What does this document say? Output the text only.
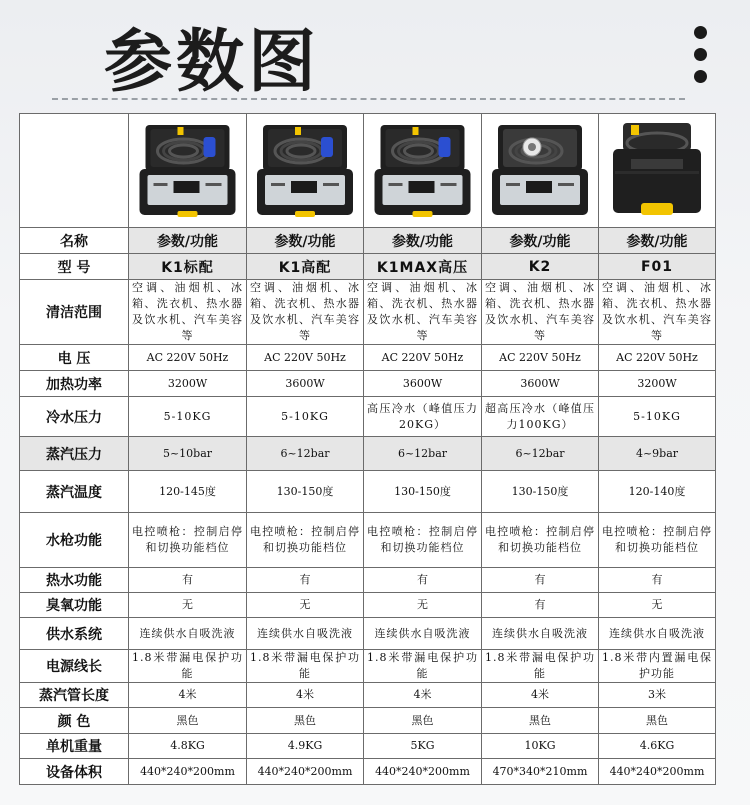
参数图

名称	参数/功能	参数/功能	参数/功能	参数/功能	参数/功能
型 号	K1标配	K1高配	K1MAX高压	K2	F01
清洁范围	空调、油烟机、冰箱、洗衣机、热水器及饮水机、汽车美容等	空调、油烟机、冰箱、洗衣机、热水器及饮水机、汽车美容等	空调、油烟机、冰箱、洗衣机、热水器及饮水机、汽车美容等	空调、油烟机、冰箱、洗衣机、热水器及饮水机、汽车美容等	空调、油烟机、冰箱、洗衣机、热水器及饮水机、汽车美容等
电 压	AC 220V 50Hz	AC 220V 50Hz	AC 220V 50Hz	AC 220V 50Hz	AC 220V 50Hz
加热功率	3200W	3600W	3600W	3600W	3200W
冷水压力	5-10KG	5-10KG	高压冷水（峰值压力20KG）	超高压冷水（峰值压力100KG）	5-10KG
蒸汽压力	5~10bar	6~12bar	6~12bar	6~12bar	4~9bar
蒸汽温度	120-145度	130-150度	130-150度	130-150度	120-140度
水枪功能	电控喷枪：控制启停和切换功能档位	电控喷枪：控制启停和切换功能档位	电控喷枪：控制启停和切换功能档位	电控喷枪：控制启停和切换功能档位	电控喷枪：控制启停和切换功能档位
热水功能	有	有	有	有	有
臭氧功能	无	无	无	有	无
供水系统	连续供水自吸洗液	连续供水自吸洗液	连续供水自吸洗液	连续供水自吸洗液	连续供水自吸洗液
电源线长	1.8米带漏电保护功能	1.8米带漏电保护功能	1.8米带漏电保护功能	1.8米带漏电保护功能	1.8米带内置漏电保护功能
蒸汽管长度	4米	4米	4米	4米	3米
颜 色	黑色	黑色	黑色	黑色	黑色
单机重量	4.8KG	4.9KG	5KG	10KG	4.6KG
设备体积	440*240*200mm	440*240*200mm	440*240*200mm	470*340*210mm	440*240*200mm
